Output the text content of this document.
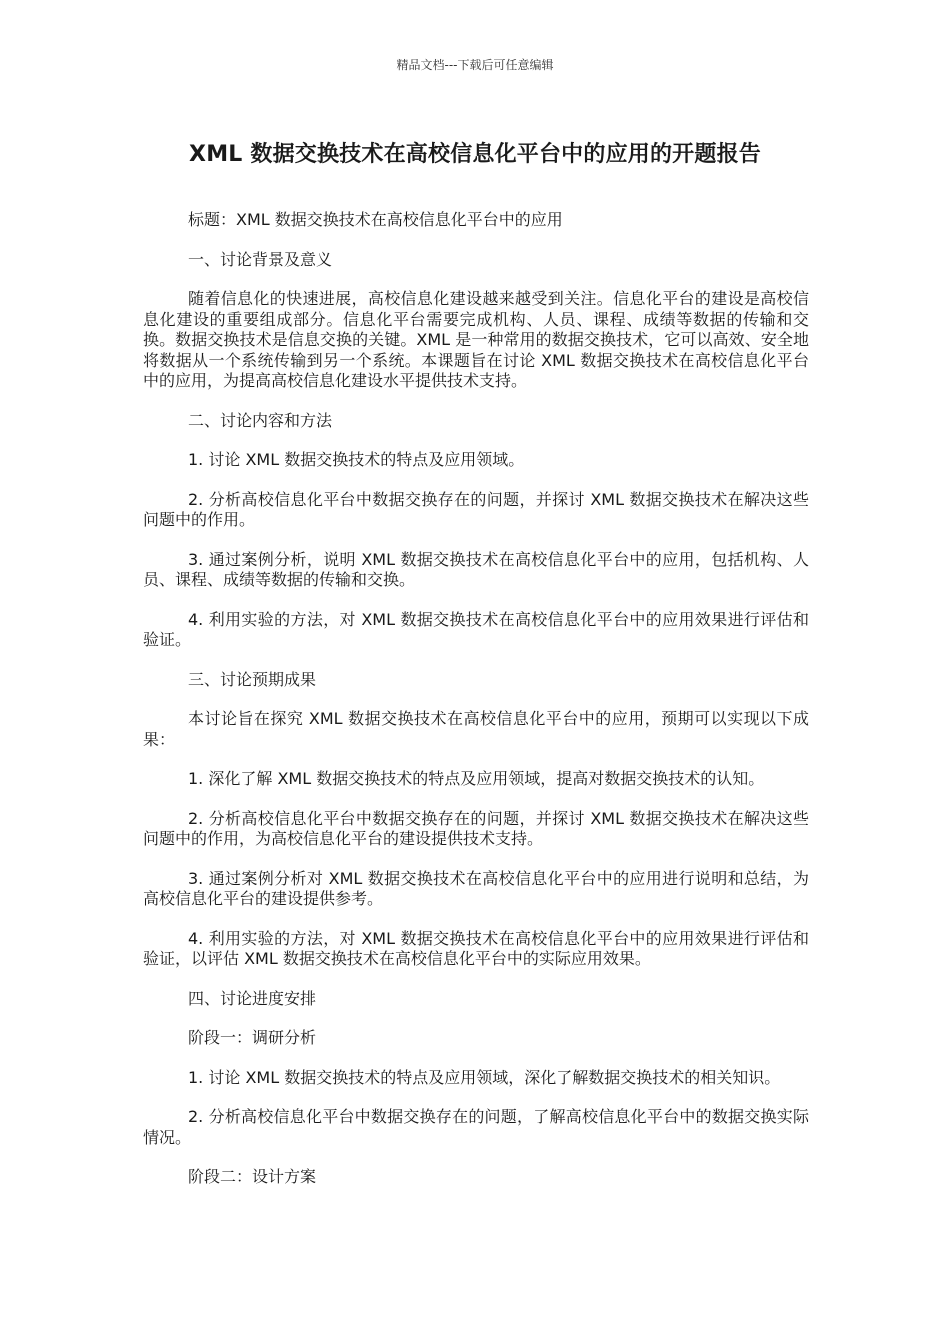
精品文档---下载后可任意编辑
XML 数据交换技术在高校信息化平台中的应用的开题报告

标题：XML 数据交换技术在高校信息化平台中的应用

一、讨论背景及意义

随着信息化的快速进展，高校信息化建设越来越受到关注。信息化平台的建设是高校信息化建设的重要组成部分。信息化平台需要完成机构、人员、课程、成绩等数据的传输和交换。数据交换技术是信息交换的关键。XML 是一种常用的数据交换技术，它可以高效、安全地将数据从一个系统传输到另一个系统。本课题旨在讨论 XML 数据交换技术在高校信息化平台中的应用，为提高高校信息化建设水平提供技术支持。

二、讨论内容和方法

1. 讨论 XML 数据交换技术的特点及应用领域。

2. 分析高校信息化平台中数据交换存在的问题，并探讨 XML 数据交换技术在解决这些问题中的作用。

3. 通过案例分析，说明 XML 数据交换技术在高校信息化平台中的应用，包括机构、人员、课程、成绩等数据的传输和交换。

4. 利用实验的方法，对 XML 数据交换技术在高校信息化平台中的应用效果进行评估和验证。

三、讨论预期成果

本讨论旨在探究 XML 数据交换技术在高校信息化平台中的应用，预期可以实现以下成果：

1. 深化了解 XML 数据交换技术的特点及应用领域，提高对数据交换技术的认知。

2. 分析高校信息化平台中数据交换存在的问题，并探讨 XML 数据交换技术在解决这些问题中的作用，为高校信息化平台的建设提供技术支持。

3. 通过案例分析对 XML 数据交换技术在高校信息化平台中的应用进行说明和总结，为高校信息化平台的建设提供参考。

4. 利用实验的方法，对 XML 数据交换技术在高校信息化平台中的应用效果进行评估和验证，以评估 XML 数据交换技术在高校信息化平台中的实际应用效果。

四、讨论进度安排

阶段一：调研分析

1. 讨论 XML 数据交换技术的特点及应用领域，深化了解数据交换技术的相关知识。

2. 分析高校信息化平台中数据交换存在的问题，了解高校信息化平台中的数据交换实际情况。

阶段二：设计方案
